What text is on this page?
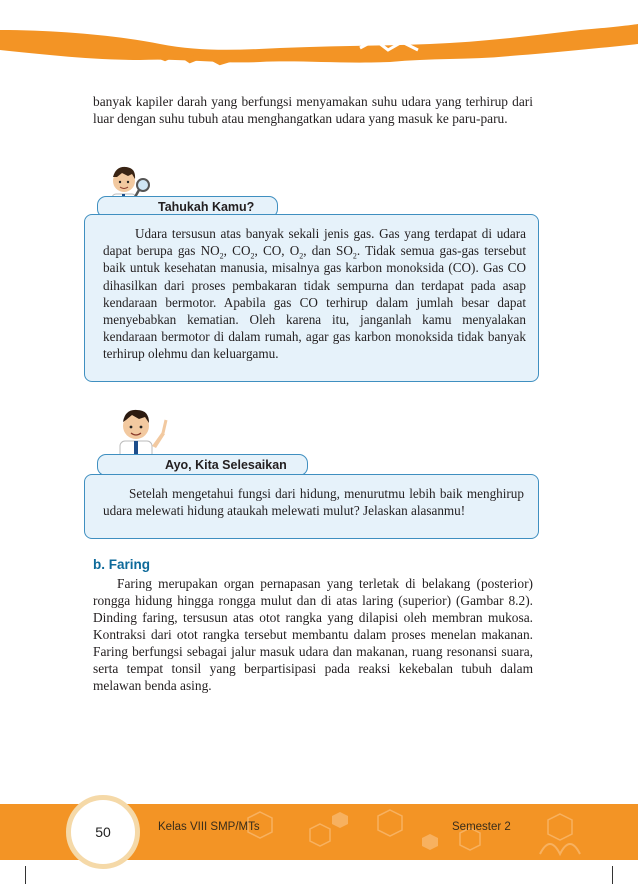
banyak kapiler darah yang berfungsi menyamakan suhu udara yang terhirup dari luar dengan suhu tubuh atau menghangatkan udara yang masuk ke paru-paru.

Tahukah Kamu?

Udara tersusun atas banyak sekali jenis gas. Gas yang terdapat di udara dapat berupa gas $NO_2$, $CO_2$, CO, $O_2$, dan $SO_2$. Tidak semua gas-gas tersebut baik untuk kesehatan manusia, misalnya gas karbon monoksida (CO). Gas CO dihasilkan dari proses pembakaran tidak sempurna dan terdapat pada asap kendaraan bermotor. Apabila gas CO terhirup dalam jumlah besar dapat menyebabkan kematian. Oleh karena itu, janganlah kamu menyalakan kendaraan bermotor di dalam rumah, agar gas karbon monoksida tidak banyak terhirup olehmu dan keluargamu.

Ayo, Kita Selesaikan

Setelah mengetahui fungsi dari hidung, menurutmu lebih baik menghirup udara melewati hidung ataukah melewati mulut? Jelaskan alasanmu!

b. Faring

Faring merupakan organ pernapasan yang terletak di belakang (posterior) rongga hidung hingga rongga mulut dan di atas laring (superior) (Gambar 8.2). Dinding faring, tersusun atas otot rangka yang dilapisi oleh membran mukosa. Kontraksi dari otot rangka tersebut membantu dalam proses menelan makanan. Faring berfungsi sebagai jalur masuk udara dan makanan, ruang resonansi suara, serta tempat tonsil yang berpartisipasi pada reaksi kekebalan tubuh dalam melawan benda asing.

Kelas VIII SMP/MTs	Semester 2
50
